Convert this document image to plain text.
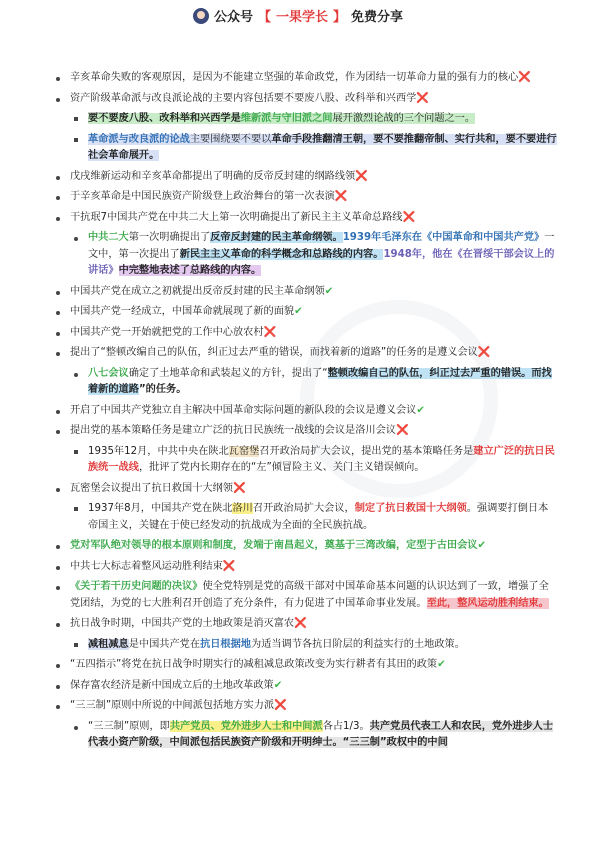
公众号 【 一果学长 】 免费分享
辛亥革命失败的客观原因，是因为不能建立坚强的革命政党，作为团结一切革命力量的强有力的核心❌
资产阶级革命派与改良派论战的主要内容包括要不要废八股、改科举和兴西学❌
要不要废八股、改科举和兴西学是维新派与守旧派之间展开激烈论战的三个问题之一。
革命派与改良派的论战主要围绕要不要以革命手段推翻清王朝，要不要推翻帝制、实行共和，要不要进行社会革命展开。
戊戌维新运动和辛亥革命都提出了明确的反帝反封建的纲路线领❌
于辛亥革命是中国民族资产阶级登上政治舞台的第一次表演❌
干抗珉7中国共产党在中共二大上第一次明确提出了新民主主义革命总路线❌
中共二大第一次明确提出了反帝反封建的民主革命纲领。1939年毛泽东在《中国革命和中国共产党》一文中，第一次提出了新民主主义革命的科学概念和总路线的内容。1948年，他在《在晋绥干部会议上的讲话》中完整地表述了总路线的内容。
中国共产党在成立之初就提出反帝反封建的民主革命纲领✔
中国共产党一经成立，中国革命就展现了新的面貌✔
中国共产党一开始就把党的工作中心放农村❌
提出了“整顿改编自己的队伍，纠正过去严重的错误，而找着新的道路”的任务的是遵义会议❌
八七会议确定了土地革命和武装起义的方针，提出了“整顿改编自己的队伍，纠正过去严重的错误。而找着新的道路”的任务。
开启了中国共产党独立自主解决中国革命实际问题的新队段的会议是遵义会议✔
提出党的基本策略任务是建立广泛的抗日民族统一战线的会议是洛川会议❌
1935年12月，中共中央在陕北瓦窑堡召开政治局扩大会议，提出党的基本策略任务是建立广泛的抗日民族统一战线，批评了党内长期存在的“左”倾冒险主义、关门主义错误倾向。
瓦密堡会议提出了抗日救国十大纲领❌
1937年8月，中国共产党在陕北洛川召开政治局扩大会议，制定了抗日救国十大纲领。强调要打倒日本帝国主义，关键在于使已经发动的抗战成为全面的全民族抗战。
党对军队绝对领导的根本原则和制度，发端于南昌起义，奠基于三湾改编，定型于古田会议✔
中共七大标志着整风运动胜利结束❌
《关于若干历史问题的决议》使全党特别是党的高级干部对中国革命基本问题的认识达到了一致，增强了全党团结，为党的七大胜利召开创造了充分条件，有力促进了中国革命事业发展。至此，整风运动胜利结束。
抗日战争时期，中国共产党的土地政策是消灭富农❌
减租减息是中国共产党在抗日根据地为适当调节各抗日阶层的利益实行的土地政策。
“五四指示”将党在抗日战争时期实行的减租减息政策改变为实行耕者有其田的政策✔
保存富农经济是新中国成立后的土地改革政策✔
“三三制”原则中所说的中间派包括地方实力派❌
“三三制”原则，即共产党员、党外进步人士和中间派各占1/3。共产党员代表工人和农民，党外进步人士代表小资产阶级，中间派包括民族资产阶级和开明绅士。“三三制”政权中的中间
